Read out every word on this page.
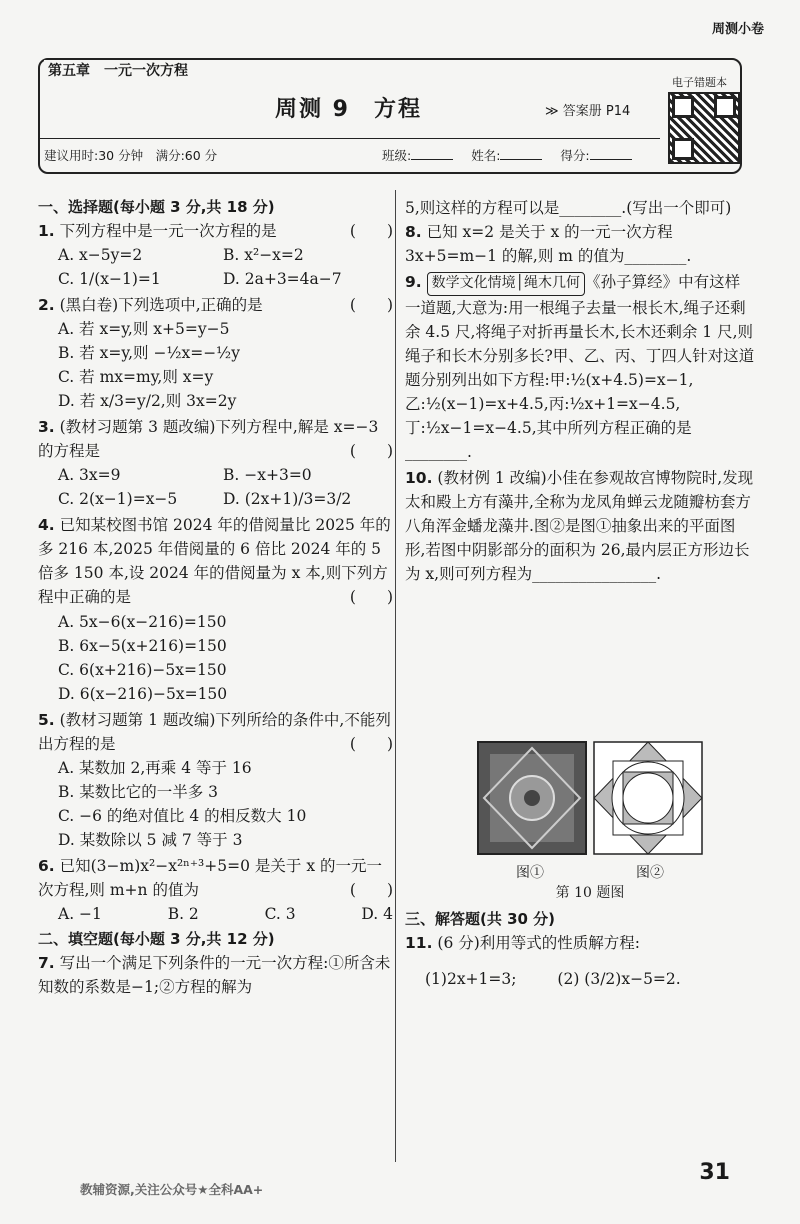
周测小卷
第五章　一元一次方程
周测 9　方程	≫ 答案册 P14
电子错题本
建议用时:30 分钟　满分:60 分	班级:	姓名:	得分:

一、选择题(每小题 3 分,共 18 分)

1. 下列方程中是一元一次方程的是	(　　)

A. x−5y=2	B. x²−x=2
C. 1/(x−1)=1	D. 2a+3=4a−7

2. (黑白卷)下列选项中,正确的是	(　　)

A. 若 x=y,则 x+5=y−5
B. 若 x=y,则 −½x=−½y
C. 若 mx=my,则 x=y
D. 若 x/3=y/2,则 3x=2y

3. (教材习题第 3 题改编)下列方程中,解是 x=−3 的方程是	(　　)

A. 3x=9	B. −x+3=0
C. 2(x−1)=x−5	D. (2x+1)/3=3/2

4. 已知某校图书馆 2024 年的借阅量比 2025 年的多 216 本,2025 年借阅量的 6 倍比 2024 年的 5 倍多 150 本,设 2024 年的借阅量为 x 本,则下列方程中正确的是	(　　)

A. 5x−6(x−216)=150
B. 6x−5(x+216)=150
C. 6(x+216)−5x=150
D. 6(x−216)−5x=150

5. (教材习题第 1 题改编)下列所给的条件中,不能列出方程的是	(　　)

A. 某数加 2,再乘 4 等于 16
B. 某数比它的一半多 3
C. −6 的绝对值比 4 的相反数大 10
D. 某数除以 5 减 7 等于 3

6. 已知(3−m)x²−x²ⁿ⁺³+5=0 是关于 x 的一元一次方程,则 m+n 的值为	(　　)

A. −1	B. 2	C. 3	D. 4

二、填空题(每小题 3 分,共 12 分)

7. 写出一个满足下列条件的一元一次方程:①所含未知数的系数是−1;②方程的解为

5,则这样的方程可以是________.(写出一个即可)

8. 已知 x=2 是关于 x 的一元一次方程 3x+5=m−1 的解,则 m 的值为________.

9. 数学文化情境│绳木几何 《孙子算经》中有这样一道题,大意为:用一根绳子去量一根长木,绳子还剩余 4.5 尺,将绳子对折再量长木,长木还剩余 1 尺,则绳子和长木分别多长?甲、乙、丙、丁四人针对这道题分别列出如下方程:甲:½(x+4.5)=x−1,乙:½(x−1)=x+4.5,丙:½x+1=x−4.5,丁:½x−1=x−4.5,其中所列方程正确的是________.

10. (教材例 1 改编)小佳在参观故宫博物院时,发现太和殿上方有藻井,全称为龙凤角蝉云龙随瓣枋套方八角浑金蟠龙藻井.图②是图①抽象出来的平面图形,若图中阴影部分的面积为 26,最内层正方形边长为 x,则可列方程为________________.

图①	图②
第 10 题图

三、解答题(共 30 分)

11. (6 分)利用等式的性质解方程:

(1)2x+1=3;	(2) (3/2)x−5=2.

31
教辅资源,关注公众号★全科AA+
